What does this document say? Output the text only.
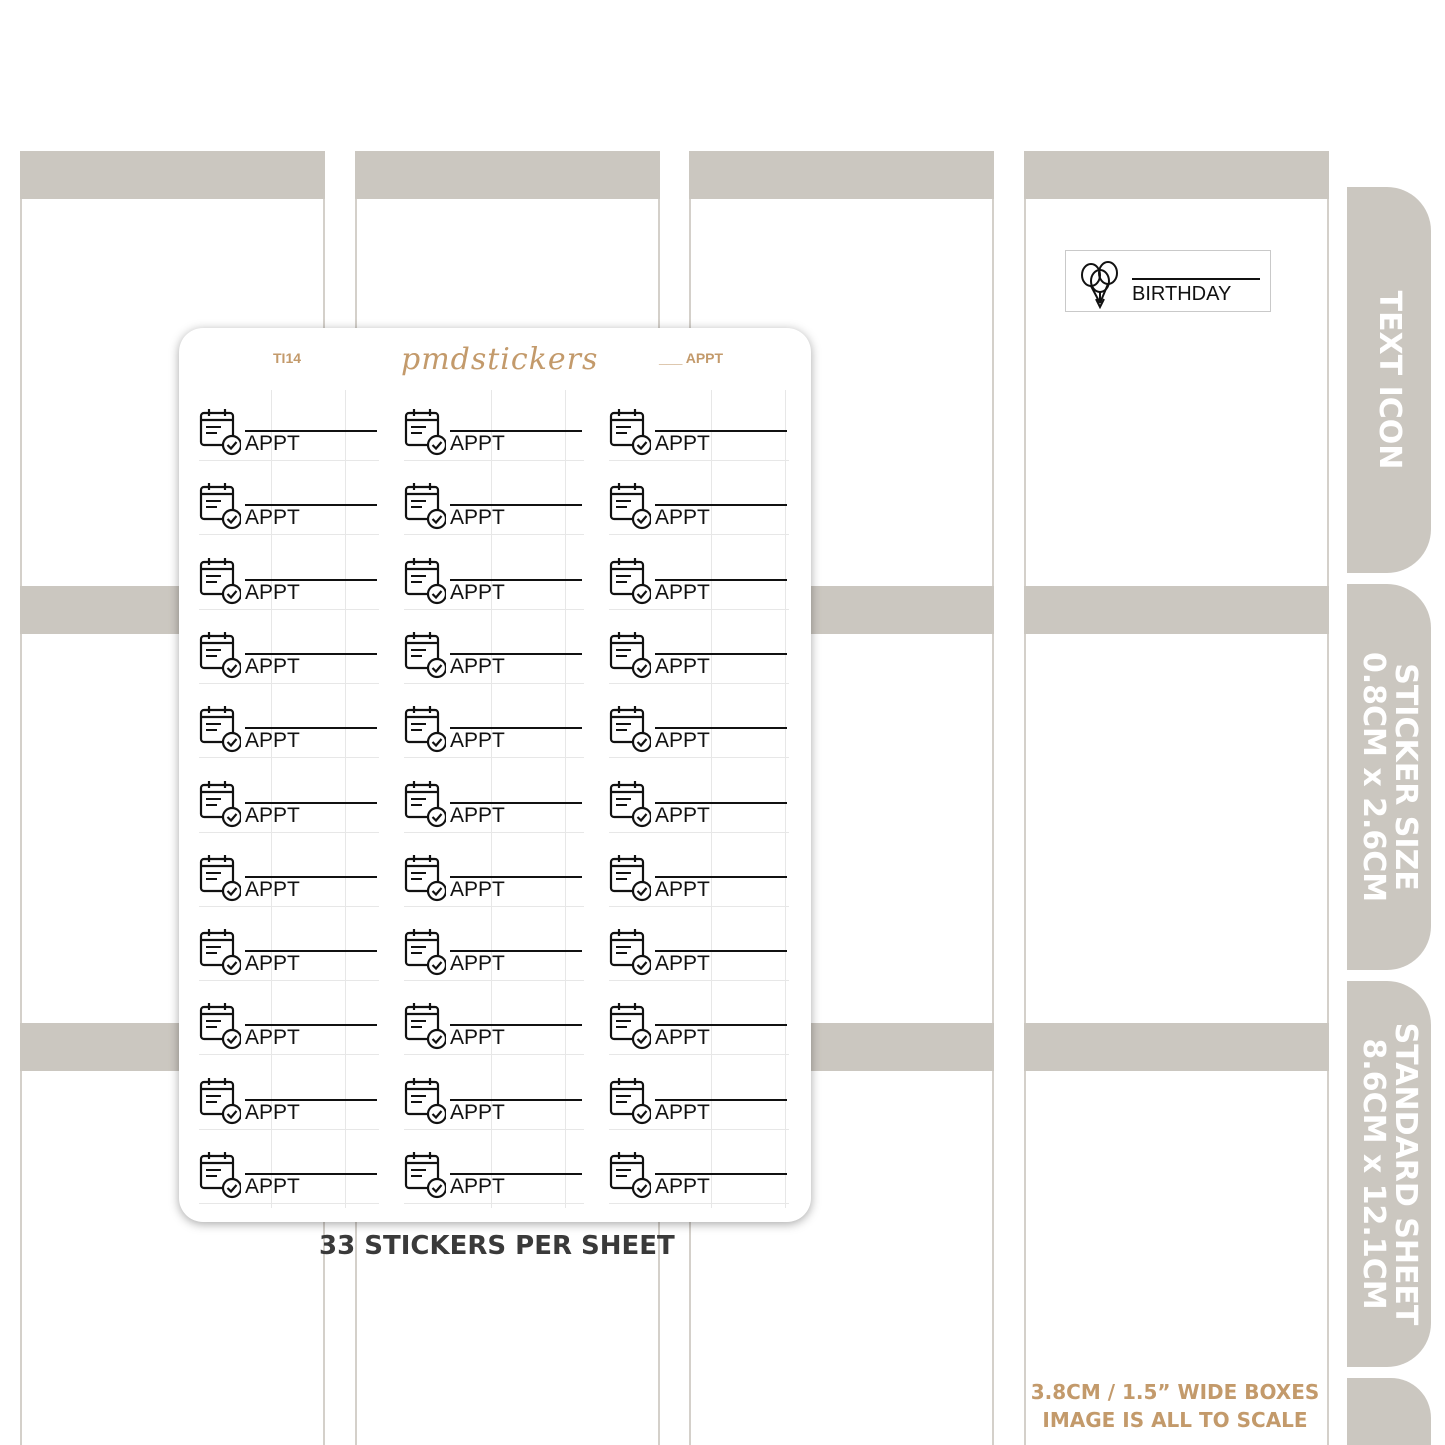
BIRTHDAY	TEXT ICON
STICKER SIZE
0.8CM x 2.6CM
STANDARD SHEET
8.6CM x 12.1CM
TI14	pmdstickers	___ APPT
APPT	APPT	APPT
APPT	APPT	APPT
APPT	APPT	APPT
APPT	APPT	APPT
APPT	APPT	APPT
APPT	APPT	APPT
APPT	APPT	APPT
APPT	APPT	APPT
APPT	APPT	APPT
APPT	APPT	APPT
APPT	APPT	APPT
33 STICKERS PER SHEET
3.8CM / 1.5” WIDE BOXES
IMAGE IS ALL TO SCALE
